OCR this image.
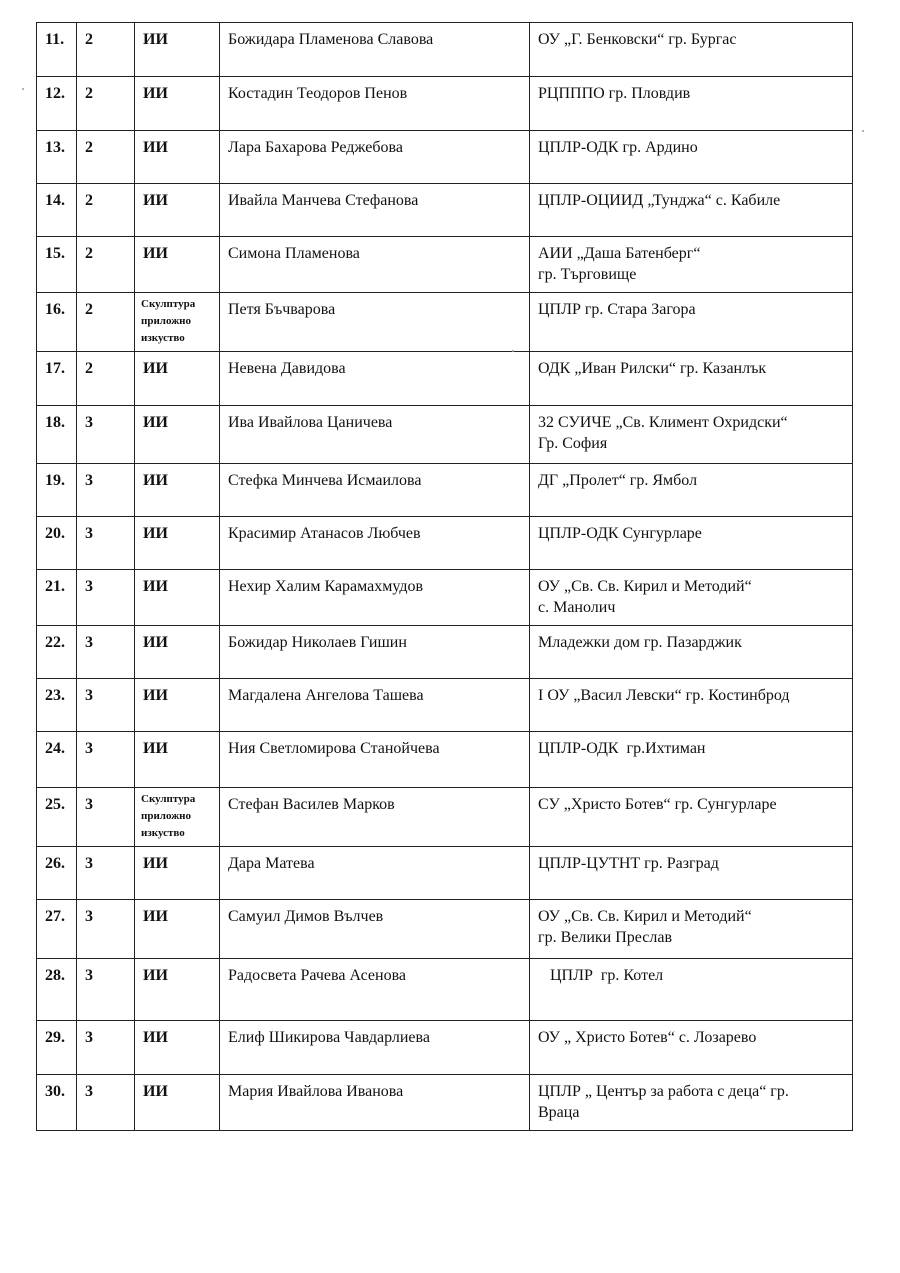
11.	2	ИИ	Божидара Пламенова Славова	ОУ „Г. Бенковски“ гр. Бургас

12.	2	ИИ	Костадин Теодоров Пенов	РЦПППО гр. Пловдив

13.	2	ИИ	Лара Бахарова Реджебова	ЦПЛР-ОДК гр. Ардино

14.	2	ИИ	Ивайла Манчева Стефанова	ЦПЛР-ОЦИИД „Тунджа“ с. Кабиле

15.	2	ИИ	Симона Пламенова	АИИ „Даша Батенберг“
гр. Търговище

16.	2	Скулптура
приложно
изкуство	Петя Бъчварова	ЦПЛР гр. Стара Загора

17.	2	ИИ	Невена Давидова	ОДК „Иван Рилски“ гр. Казанлък

18.	3	ИИ	Ива Ивайлова Цаничева	32 СУИЧЕ „Св. Климент Охридски“
Гр. София

19.	3	ИИ	Стефка Минчева Исмаилова	ДГ „Пролет“ гр. Ямбол

20.	3	ИИ	Красимир Атанасов Любчев	ЦПЛР-ОДК Сунгурларе

21.	3	ИИ	Нехир Халим Карамахмудов	ОУ „Св. Св. Кирил и Методий“
с. Манолич

22.	3	ИИ	Божидар Николаев Гишин	Младежки дом гр. Пазарджик

23.	3	ИИ	Магдалена Ангелова Ташева	I ОУ „Васил Левски“ гр. Костинброд

24.	3	ИИ	Ния Светломирова Станойчева	ЦПЛР-ОДК  гр.Ихтиман

25.	3	Скулптура
приложно
изкуство	Стефан Василев Марков	СУ „Христо Ботев“ гр. Сунгурларе

26.	3	ИИ	Дара Матева	ЦПЛР-ЦУТНТ гр. Разград

27.	3	ИИ	Самуил Димов Вълчев	ОУ „Св. Св. Кирил и Методий“
гр. Велики Преслав

28.	3	ИИ	Радосвета Рачева Асенова	ЦПЛР  гр. Котел

29.	3	ИИ	Елиф Шикирова Чавдарлиева	ОУ „ Христо Ботев“ с. Лозарево

30.	3	ИИ	Мария Ивайлова Иванова	ЦПЛР „ Център за работа с деца“ гр.
Враца
